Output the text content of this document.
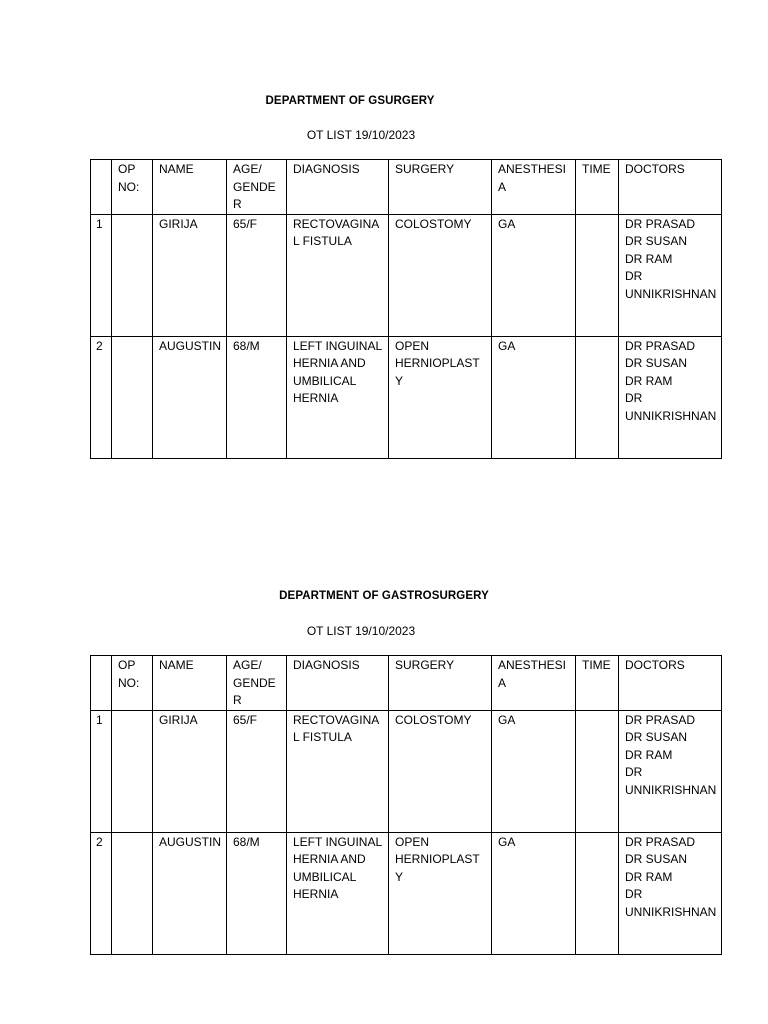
DEPARTMENT OF GSURGERY
OT LIST 19/10/2023
	OP NO:	NAME	AGE/ GENDER	DIAGNOSIS	SURGERY	ANESTHESIA	TIME	DOCTORS
1		GIRIJA	65/F	RECTOVAGINAL FISTULA	COLOSTOMY	GA		DR PRASAD
DR SUSAN
DR RAM
DR
UNNIKRISHNAN

2		AUGUSTIN	68/M	LEFT INGUINAL HERNIA AND UMBILICAL HERNIA	OPEN HERNIOPLASTY	GA		DR PRASAD
DR SUSAN
DR RAM
DR
UNNIKRISHNAN
DEPARTMENT OF GASTROSURGERY
OT LIST 19/10/2023
	OP NO:	NAME	AGE/ GENDER	DIAGNOSIS	SURGERY	ANESTHESIA	TIME	DOCTORS
1		GIRIJA	65/F	RECTOVAGINAL FISTULA	COLOSTOMY	GA		DR PRASAD
DR SUSAN
DR RAM
DR
UNNIKRISHNAN

2		AUGUSTIN	68/M	LEFT INGUINAL HERNIA AND UMBILICAL HERNIA	OPEN HERNIOPLASTY	GA		DR PRASAD
DR SUSAN
DR RAM
DR
UNNIKRISHNAN
